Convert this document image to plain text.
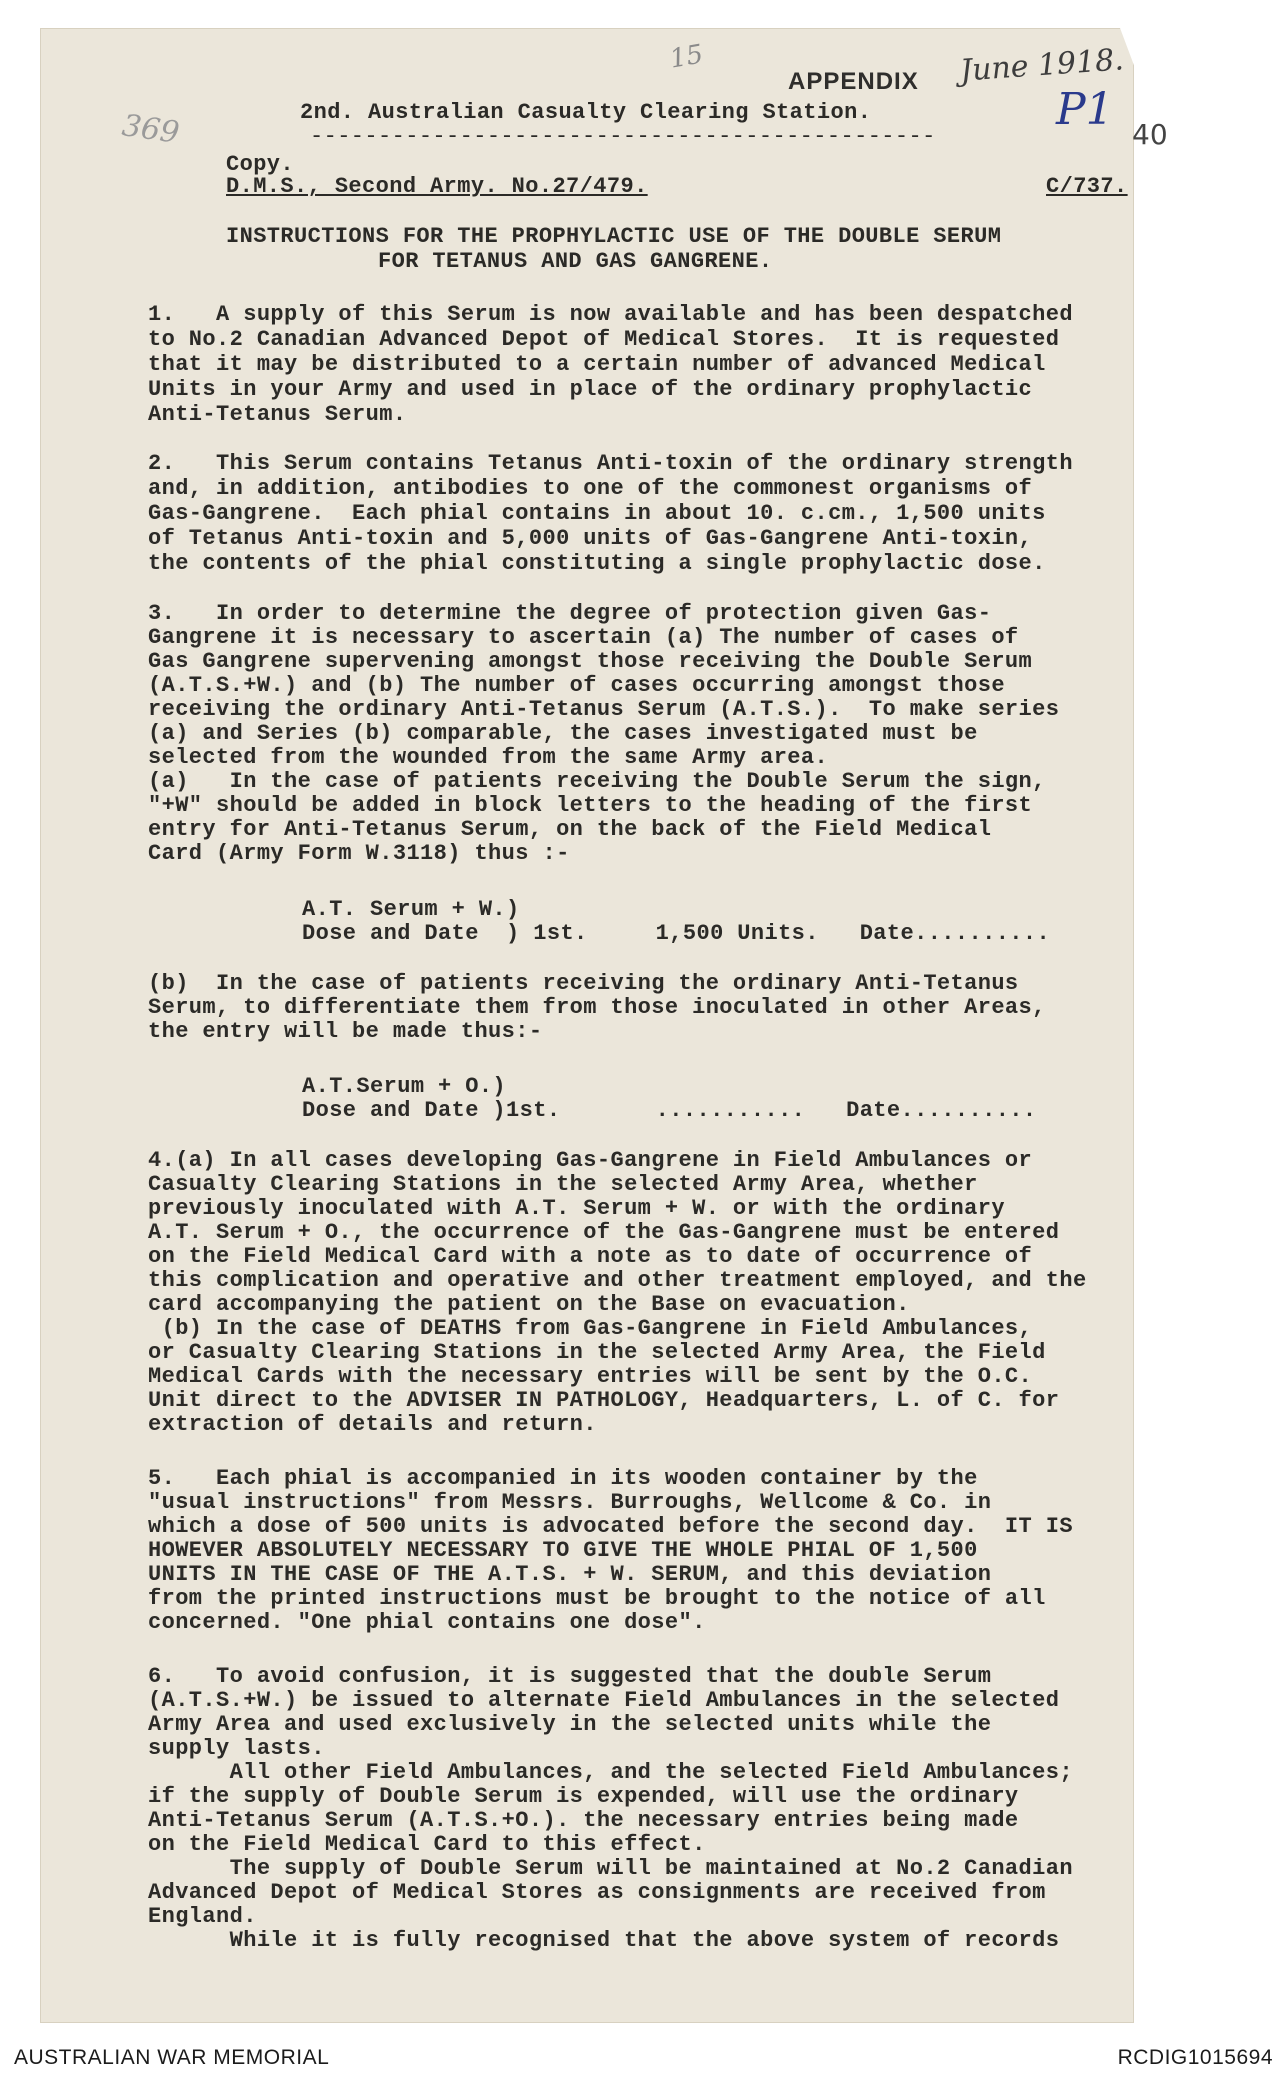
369
15
APPENDIX June 1918.
P1 40
2nd. Australian Casualty Clearing Station.
----------------------------------------------
Copy.
D.M.S., Second Army. No.27/479.	C/737.
INSTRUCTIONS FOR THE PROPHYLACTIC USE OF THE DOUBLE SERUM
FOR TETANUS AND GAS GANGRENE.
1.   A supply of this Serum is now available and has been despatched
to No.2 Canadian Advanced Depot of Medical Stores.  It is requested
that it may be distributed to a certain number of advanced Medical
Units in your Army and used in place of the ordinary prophylactic
Anti-Tetanus Serum.
2.   This Serum contains Tetanus Anti-toxin of the ordinary strength
and, in addition, antibodies to one of the commonest organisms of
Gas-Gangrene.  Each phial contains in about 10. c.cm., 1,500 units
of Tetanus Anti-toxin and 5,000 units of Gas-Gangrene Anti-toxin,
the contents of the phial constituting a single prophylactic dose.
3.   In order to determine the degree of protection given Gas-
Gangrene it is necessary to ascertain (a) The number of cases of
Gas Gangrene supervening amongst those receiving the Double Serum
(A.T.S.+W.) and (b) The number of cases occurring amongst those
receiving the ordinary Anti-Tetanus Serum (A.T.S.).  To make series
(a) and Series (b) comparable, the cases investigated must be
selected from the wounded from the same Army area.
(a)   In the case of patients receiving the Double Serum the sign,
"+W" should be added in block letters to the heading of the first
entry for Anti-Tetanus Serum, on the back of the Field Medical
Card (Army Form W.3118) thus :-
A.T. Serum + W.)
Dose and Date  ) 1st.     1,500 Units.   Date..........
(b)  In the case of patients receiving the ordinary Anti-Tetanus
Serum, to differentiate them from those inoculated in other Areas,
the entry will be made thus:-
A.T.Serum + O.)
Dose and Date )1st.       ...........   Date..........
4.(a) In all cases developing Gas-Gangrene in Field Ambulances or
Casualty Clearing Stations in the selected Army Area, whether
previously inoculated with A.T. Serum + W. or with the ordinary
A.T. Serum + O., the occurrence of the Gas-Gangrene must be entered
on the Field Medical Card with a note as to date of occurrence of
this complication and operative and other treatment employed, and the
card accompanying the patient on the Base on evacuation.
(b) In the case of DEATHS from Gas-Gangrene in Field Ambulances,
or Casualty Clearing Stations in the selected Army Area, the Field
Medical Cards with the necessary entries will be sent by the O.C.
Unit direct to the ADVISER IN PATHOLOGY, Headquarters, L. of C. for
extraction of details and return.
5.   Each phial is accompanied in its wooden container by the
"usual instructions" from Messrs. Burroughs, Wellcome & Co. in
which a dose of 500 units is advocated before the second day.  IT IS
HOWEVER ABSOLUTELY NECESSARY TO GIVE THE WHOLE PHIAL OF 1,500
UNITS IN THE CASE OF THE A.T.S. + W. SERUM, and this deviation
from the printed instructions must be brought to the notice of all
concerned. "One phial contains one dose".
6.   To avoid confusion, it is suggested that the double Serum
(A.T.S.+W.) be issued to alternate Field Ambulances in the selected
Army Area and used exclusively in the selected units while the
supply lasts.
All other Field Ambulances, and the selected Field Ambulances;
if the supply of Double Serum is expended, will use the ordinary
Anti-Tetanus Serum (A.T.S.+O.). the necessary entries being made
on the Field Medical Card to this effect.
The supply of Double Serum will be maintained at No.2 Canadian
Advanced Depot of Medical Stores as consignments are received from
England.
While it is fully recognised that the above system of records
AUSTRALIAN WAR MEMORIAL	RCDIG1015694
